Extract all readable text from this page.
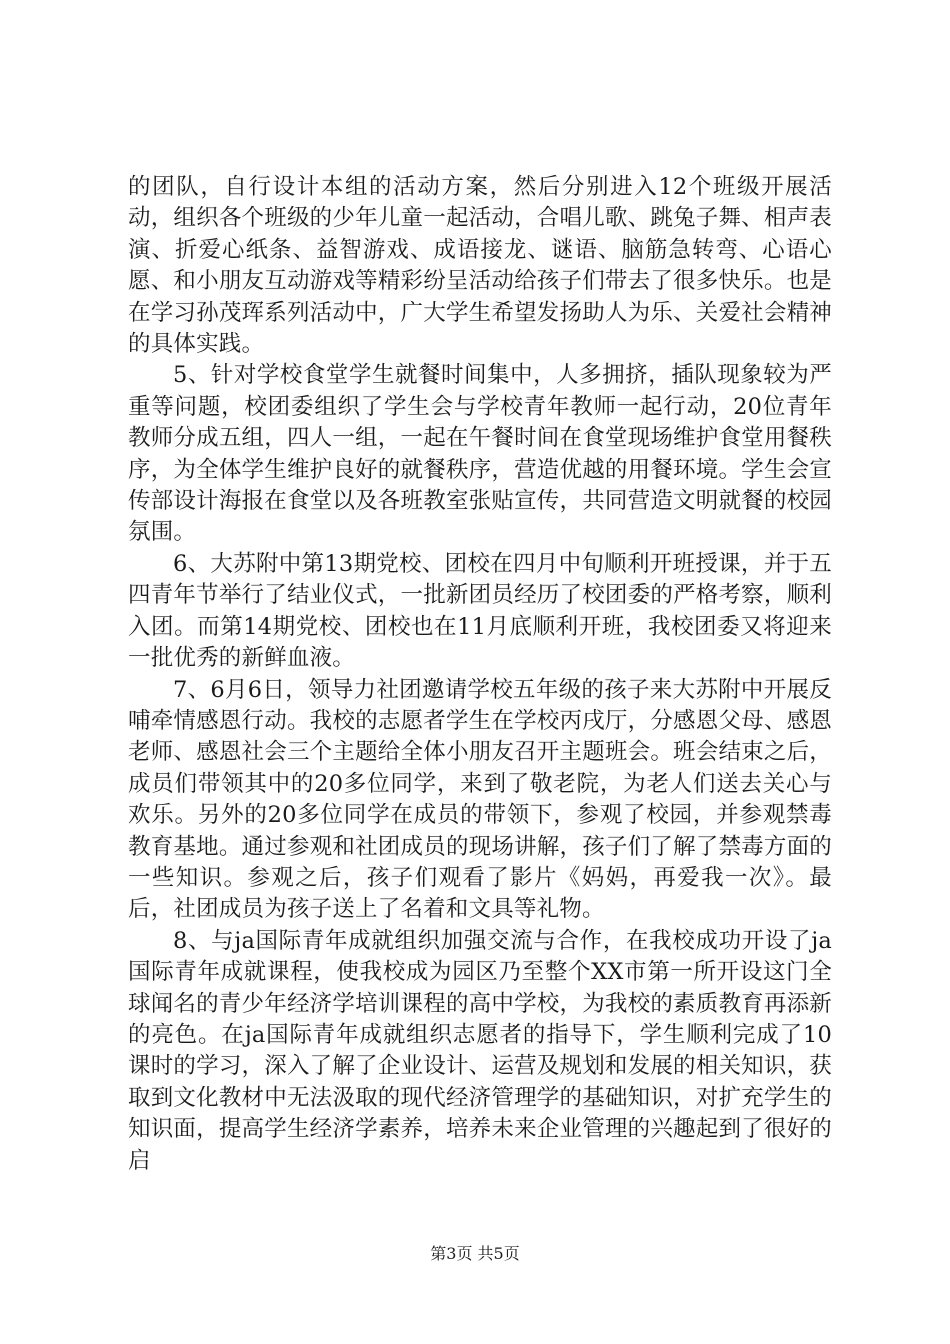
的团队，自行设计本组的活动方案，然后分别进入12个班级开展活动，组织各个班级的少年儿童一起活动，合唱儿歌、跳兔子舞、相声表演、折爱心纸条、益智游戏、成语接龙、谜语、脑筋急转弯、心语心愿、和小朋友互动游戏等精彩纷呈活动给孩子们带去了很多快乐。也是在学习孙茂珲系列活动中，广大学生希望发扬助人为乐、关爱社会精神的具体实践。

5、针对学校食堂学生就餐时间集中，人多拥挤，插队现象较为严重等问题，校团委组织了学生会与学校青年教师一起行动，20位青年教师分成五组，四人一组，一起在午餐时间在食堂现场维护食堂用餐秩序，为全体学生维护良好的就餐秩序，营造优越的用餐环境。学生会宣传部设计海报在食堂以及各班教室张贴宣传，共同营造文明就餐的校园氛围。

6、大苏附中第13期党校、团校在四月中旬顺利开班授课，并于五四青年节举行了结业仪式，一批新团员经历了校团委的严格考察，顺利入团。而第14期党校、团校也在11月底顺利开班，我校团委又将迎来一批优秀的新鲜血液。

7、6月6日，领导力社团邀请学校五年级的孩子来大苏附中开展反哺牵情感恩行动。我校的志愿者学生在学校丙戌厅，分感恩父母、感恩老师、感恩社会三个主题给全体小朋友召开主题班会。班会结束之后，成员们带领其中的20多位同学，来到了敬老院，为老人们送去关心与欢乐。另外的20多位同学在成员的带领下，参观了校园，并参观禁毒教育基地。通过参观和社团成员的现场讲解，孩子们了解了禁毒方面的一些知识。参观之后，孩子们观看了影片《妈妈，再爱我一次》。最后，社团成员为孩子送上了名着和文具等礼物。

8、与ja国际青年成就组织加强交流与合作，在我校成功开设了ja国际青年成就课程，使我校成为园区乃至整个XX市第一所开设这门全球闻名的青少年经济学培训课程的高中学校，为我校的素质教育再添新的亮色。在ja国际青年成就组织志愿者的指导下，学生顺利完成了10课时的学习，深入了解了企业设计、运营及规划和发展的相关知识，获取到文化教材中无法汲取的现代经济管理学的基础知识，对扩充学生的知识面，提高学生经济学素养，培养未来企业管理的兴趣起到了很好的启

第3页 共5页
